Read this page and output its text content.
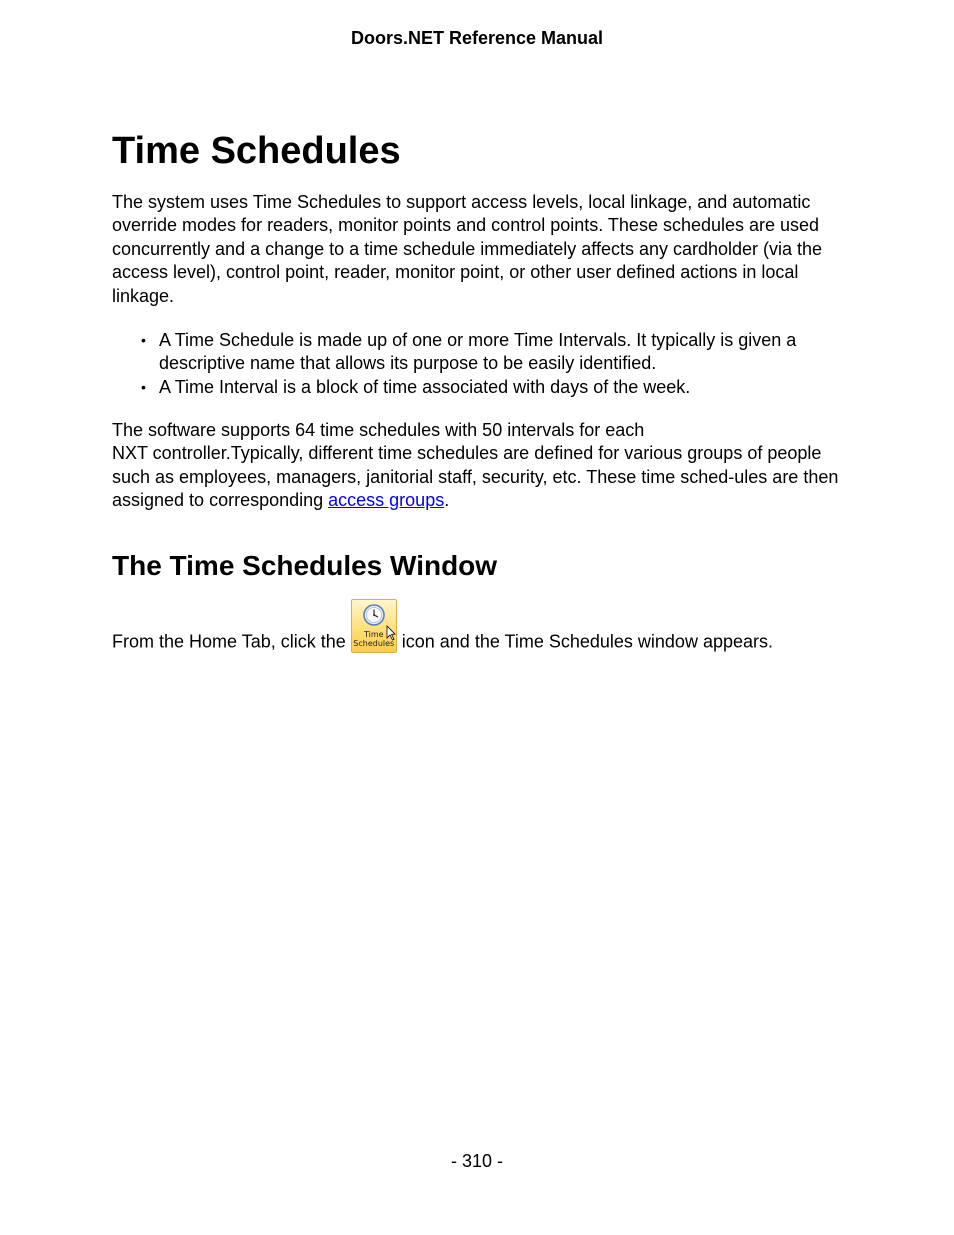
Doors.NET Reference Manual
Time Schedules

The system uses Time Schedules to support access levels, local linkage, and automatic override modes for readers, monitor points and control points. These schedules are used concurrently and a change to a time schedule immediately affects any cardholder (via the access level), control point, reader, monitor point, or other user defined actions in local linkage.

• A Time Schedule is made up of one or more Time Intervals. It typically is given a descriptive name that allows its purpose to be easily identified.
• A Time Interval is a block of time associated with days of the week.

The software supports 64 time schedules with 50 intervals for each
NXT controller.Typically, different time schedules are defined for various groups of people such as employees, managers, janitorial staff, security, etc. These time sched-ules are then assigned to corresponding access groups.

The Time Schedules Window
From the Home Tab, click the	Time
Schedules icon and the Time Schedules window appears.
- 310 -
